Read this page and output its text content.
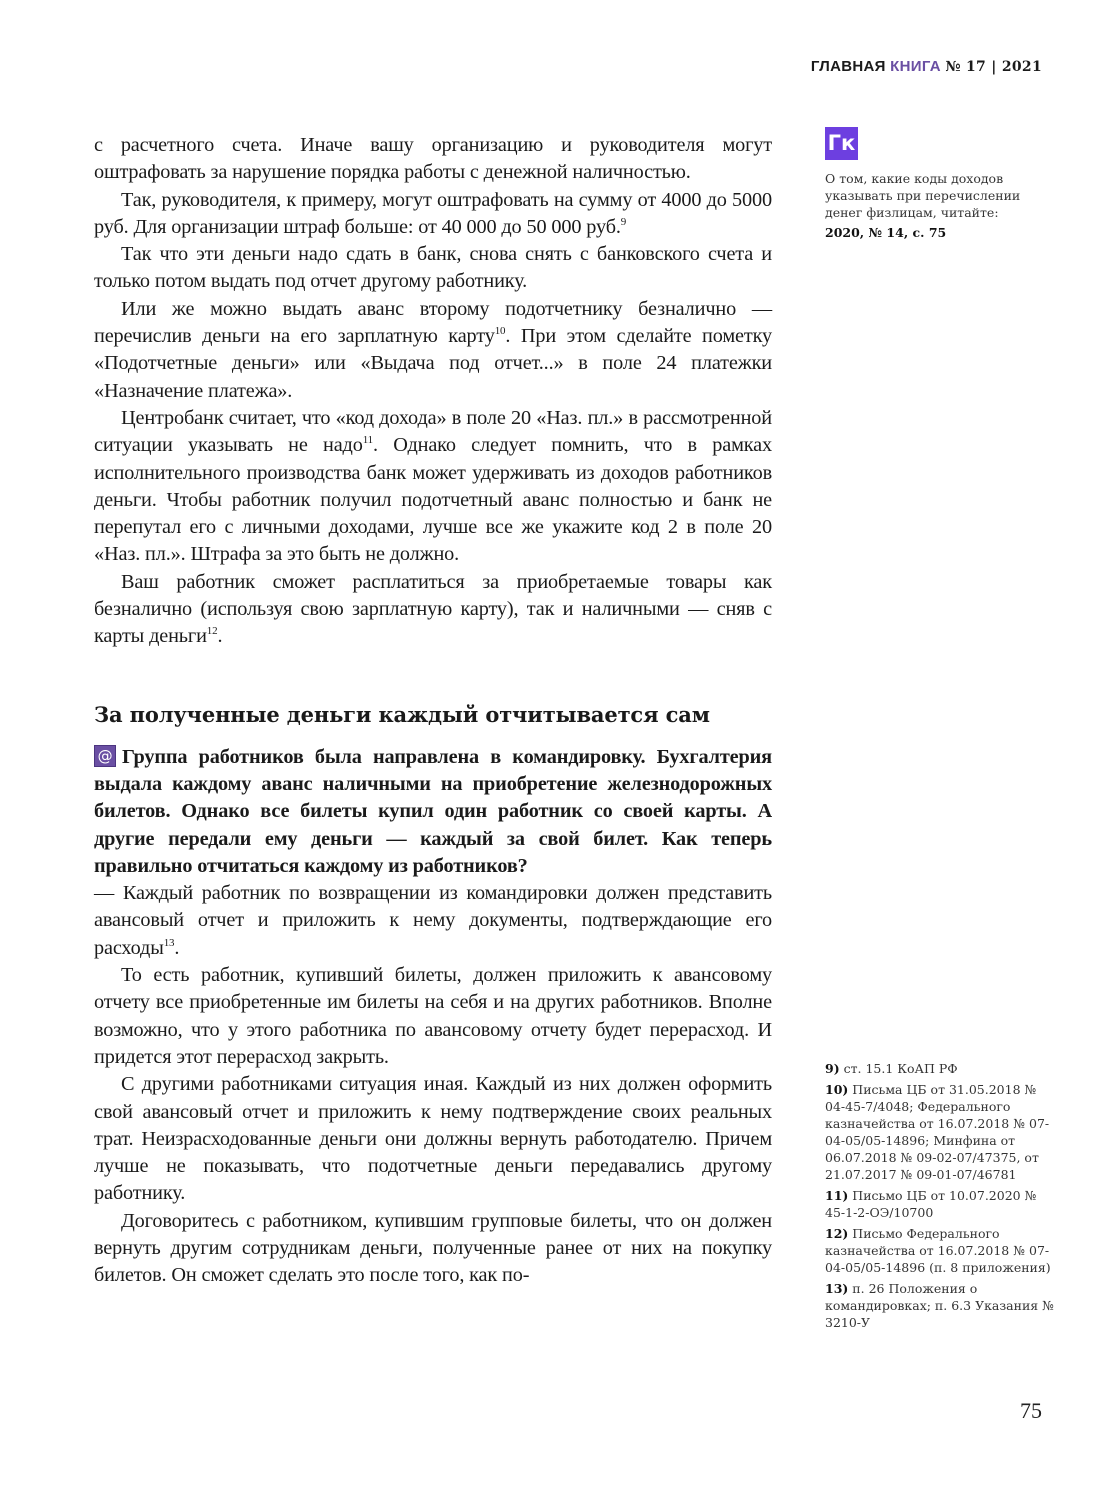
ГЛАВНАЯ КНИГА № 17 | 2021
Гк
О том, какие коды доходов указывать при перечислении денег физлицам, читайте:
2020, № 14, с. 75

с расчетного счета. Иначе вашу организацию и руководителя могут оштрафовать за нарушение порядка работы с денежной наличностью.

Так, руководителя, к примеру, могут оштрафовать на сумму от 4000 до 5000 руб. Для организации штраф больше: от 40 000 до 50 000 руб.$^9$

Так что эти деньги надо сдать в банк, снова снять с банковского счета и только потом выдать под отчет другому работнику.

Или же можно выдать аванс второму подотчетнику безналично — перечислив деньги на его зарплатную карту$^{10}$. При этом сделайте пометку «Подотчетные деньги» или «Выдача под отчет...» в поле 24 платежки «Назначение платежа».

Центробанк считает, что «код дохода» в поле 20 «Наз. пл.» в рассмотренной ситуации указывать не надо$^{11}$. Однако следует помнить, что в рамках исполнительного производства банк может удерживать из доходов работников деньги. Чтобы работник получил подотчетный аванс полностью и банк не перепутал его с личными доходами, лучше все же укажите код 2 в поле 20 «Наз. пл.». Штрафа за это быть не должно.

Ваш работник сможет расплатиться за приобретаемые товары как безналично (используя свою зарплатную карту), так и наличными — сняв с карты деньги$^{12}$.

За полученные деньги каждый отчитывается сам

@ Группа работников была направлена в командировку. Бухгалтерия выдала каждому аванс наличными на приобретение железнодорожных билетов. Однако все билеты купил один работник со своей карты. А другие передали ему деньги — каждый за свой билет. Как теперь правильно отчитаться каждому из работников?

— Каждый работник по возвращении из командировки должен представить авансовый отчет и приложить к нему документы, подтверждающие его расходы$^{13}$.

То есть работник, купивший билеты, должен приложить к авансовому отчету все приобретенные им билеты на себя и на других работников. Вполне возможно, что у этого работника по авансовому отчету будет перерасход. И придется этот перерасход закрыть.

С другими работниками ситуация иная. Каждый из них должен оформить свой авансовый отчет и приложить к нему подтверждение своих реальных трат. Неизрасходованные деньги они должны вернуть работодателю. Причем лучше не показывать, что подотчетные деньги передавались другому работнику.

Договоритесь с работником, купившим групповые билеты, что он должен вернуть другим сотрудникам деньги, полученные ранее от них на покупку билетов. Он сможет сделать это после того, как по-

9) ст. 15.1 КоАП РФ
10) Письма ЦБ от 31.05.2018 № 04-45-7/4048; Федерального казначейства от 16.07.2018 № 07-04-05/05-14896; Минфина от 06.07.2018 № 09-02-07/47375, от 21.07.2017 № 09-01-07/46781
11) Письмо ЦБ от 10.07.2020 № 45-1-2-ОЭ/10700
12) Письмо Федерального казначейства от 16.07.2018 № 07-04-05/05-14896 (п. 8 приложения)
13) п. 26 Положения о командировках; п. 6.3 Указания № 3210-У
75
